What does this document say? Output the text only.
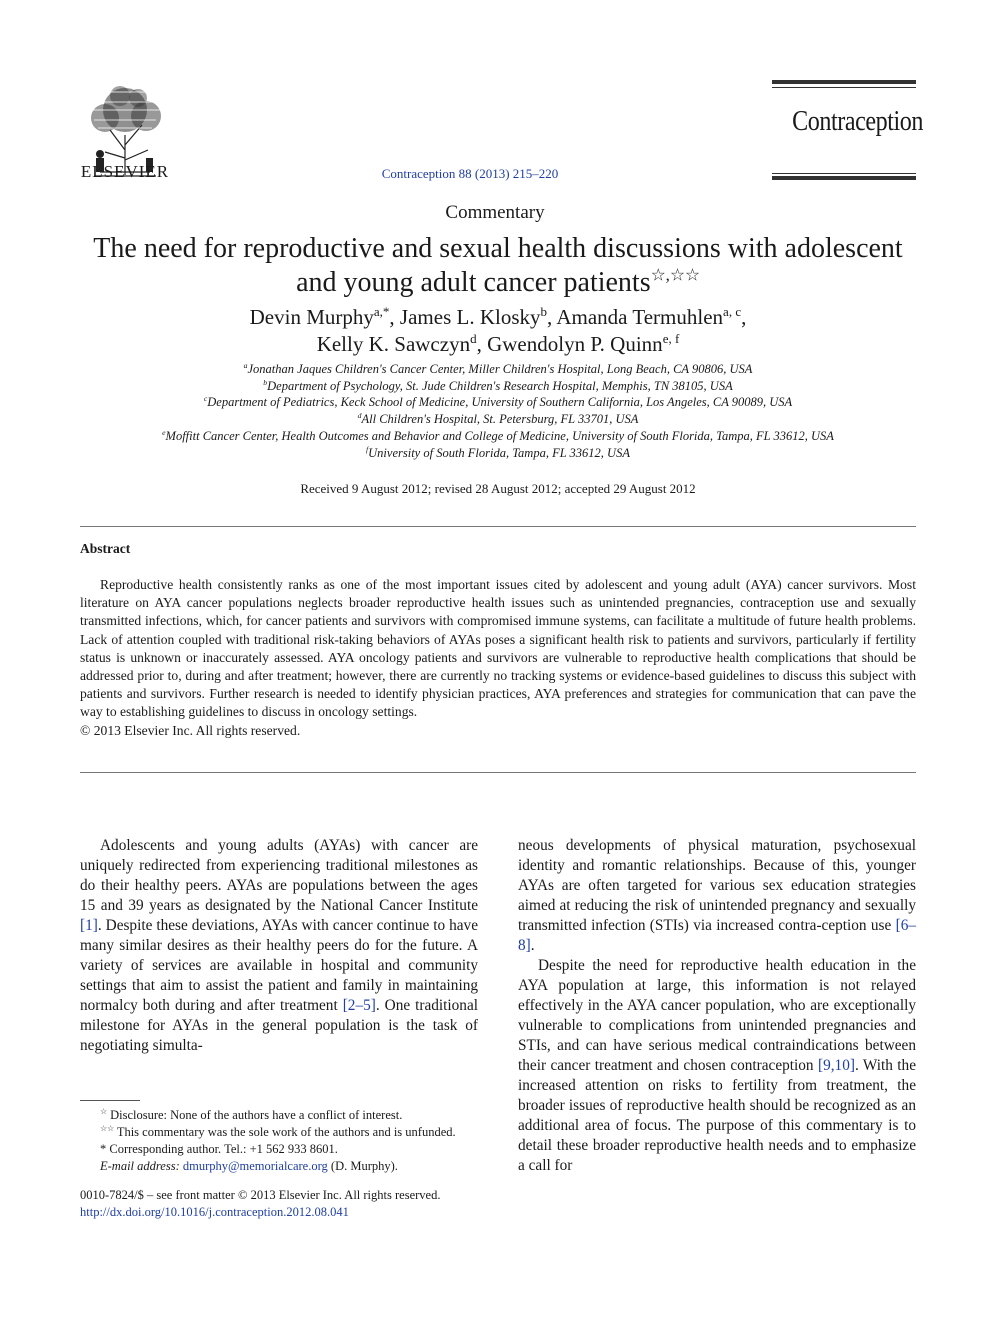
ELSEVIER	Contraception 88 (2013) 215–220
Contraception
Commentary
The need for reproductive and sexual health discussions with adolescent
and young adult cancer patients☆,☆☆
Devin Murphy$^{a,*}$, James L. Klosky$^b$, Amanda Termuhlen$^{a, c}$,
Kelly K. Sawczyn$^d$, Gwendolyn P. Quinn$^{e, f}$
$^a$Jonathan Jaques Children's Cancer Center, Miller Children's Hospital, Long Beach, CA 90806, USA
$^b$Department of Psychology, St. Jude Children's Research Hospital, Memphis, TN 38105, USA
$^c$Department of Pediatrics, Keck School of Medicine, University of Southern California, Los Angeles, CA 90089, USA
$^d$All Children's Hospital, St. Petersburg, FL 33701, USA
$^e$Moffitt Cancer Center, Health Outcomes and Behavior and College of Medicine, University of South Florida, Tampa, FL 33612, USA
$^f$University of South Florida, Tampa, FL 33612, USA
Received 9 August 2012; revised 28 August 2012; accepted 29 August 2012
Abstract
Reproductive health consistently ranks as one of the most important issues cited by adolescent and young adult (AYA) cancer survivors. Most literature on AYA cancer populations neglects broader reproductive health issues such as unintended pregnancies, contraception use and sexually transmitted infections, which, for cancer patients and survivors with compromised immune systems, can facilitate a multitude of future health problems. Lack of attention coupled with traditional risk-taking behaviors of AYAs poses a significant health risk to patients and survivors, particularly if fertility status is unknown or inaccurately assessed. AYA oncology patients and survivors are vulnerable to reproductive health complications that should be addressed prior to, during and after treatment; however, there are currently no tracking systems or evidence-based guidelines to discuss this subject with patients and survivors. Further research is needed to identify physician practices, AYA preferences and strategies for communication that can pave the way to establishing guidelines to discuss in oncology settings.
© 2013 Elsevier Inc. All rights reserved.

Adolescents and young adults (AYAs) with cancer are uniquely redirected from experiencing traditional milestones as do their healthy peers. AYAs are populations between the ages 15 and 39 years as designated by the National Cancer Institute [1]. Despite these deviations, AYAs with cancer continue to have many similar desires as their healthy peers do for the future. A variety of services are available in hospital and community settings that aim to assist the patient and family in maintaining normalcy both during and after treatment [2–5]. One traditional milestone for AYAs in the general population is the task of negotiating simulta-

neous developments of physical maturation, psychosexual identity and romantic relationships. Because of this, younger AYAs are often targeted for various sex education strategies aimed at reducing the risk of unintended pregnancy and sexually transmitted infection (STIs) via increased contra-ception use [6–8].

Despite the need for reproductive health education in the AYA population at large, this information is not relayed effectively in the AYA cancer population, who are exceptionally vulnerable to complications from unintended pregnancies and STIs, and can have serious medical contraindications between their cancer treatment and chosen contraception [9,10]. With the increased attention on risks to fertility from treatment, the broader issues of reproductive health should be recognized as an additional area of focus. The purpose of this commentary is to detail these broader reproductive health needs and to emphasize a call for

☆ Disclosure: None of the authors have a conflict of interest.
☆☆ This commentary was the sole work of the authors and is unfunded.
* Corresponding author. Tel.: +1 562 933 8601.
E-mail address: dmurphy@memorialcare.org (D. Murphy).
0010-7824/$ – see front matter © 2013 Elsevier Inc. All rights reserved.
http://dx.doi.org/10.1016/j.contraception.2012.08.041
